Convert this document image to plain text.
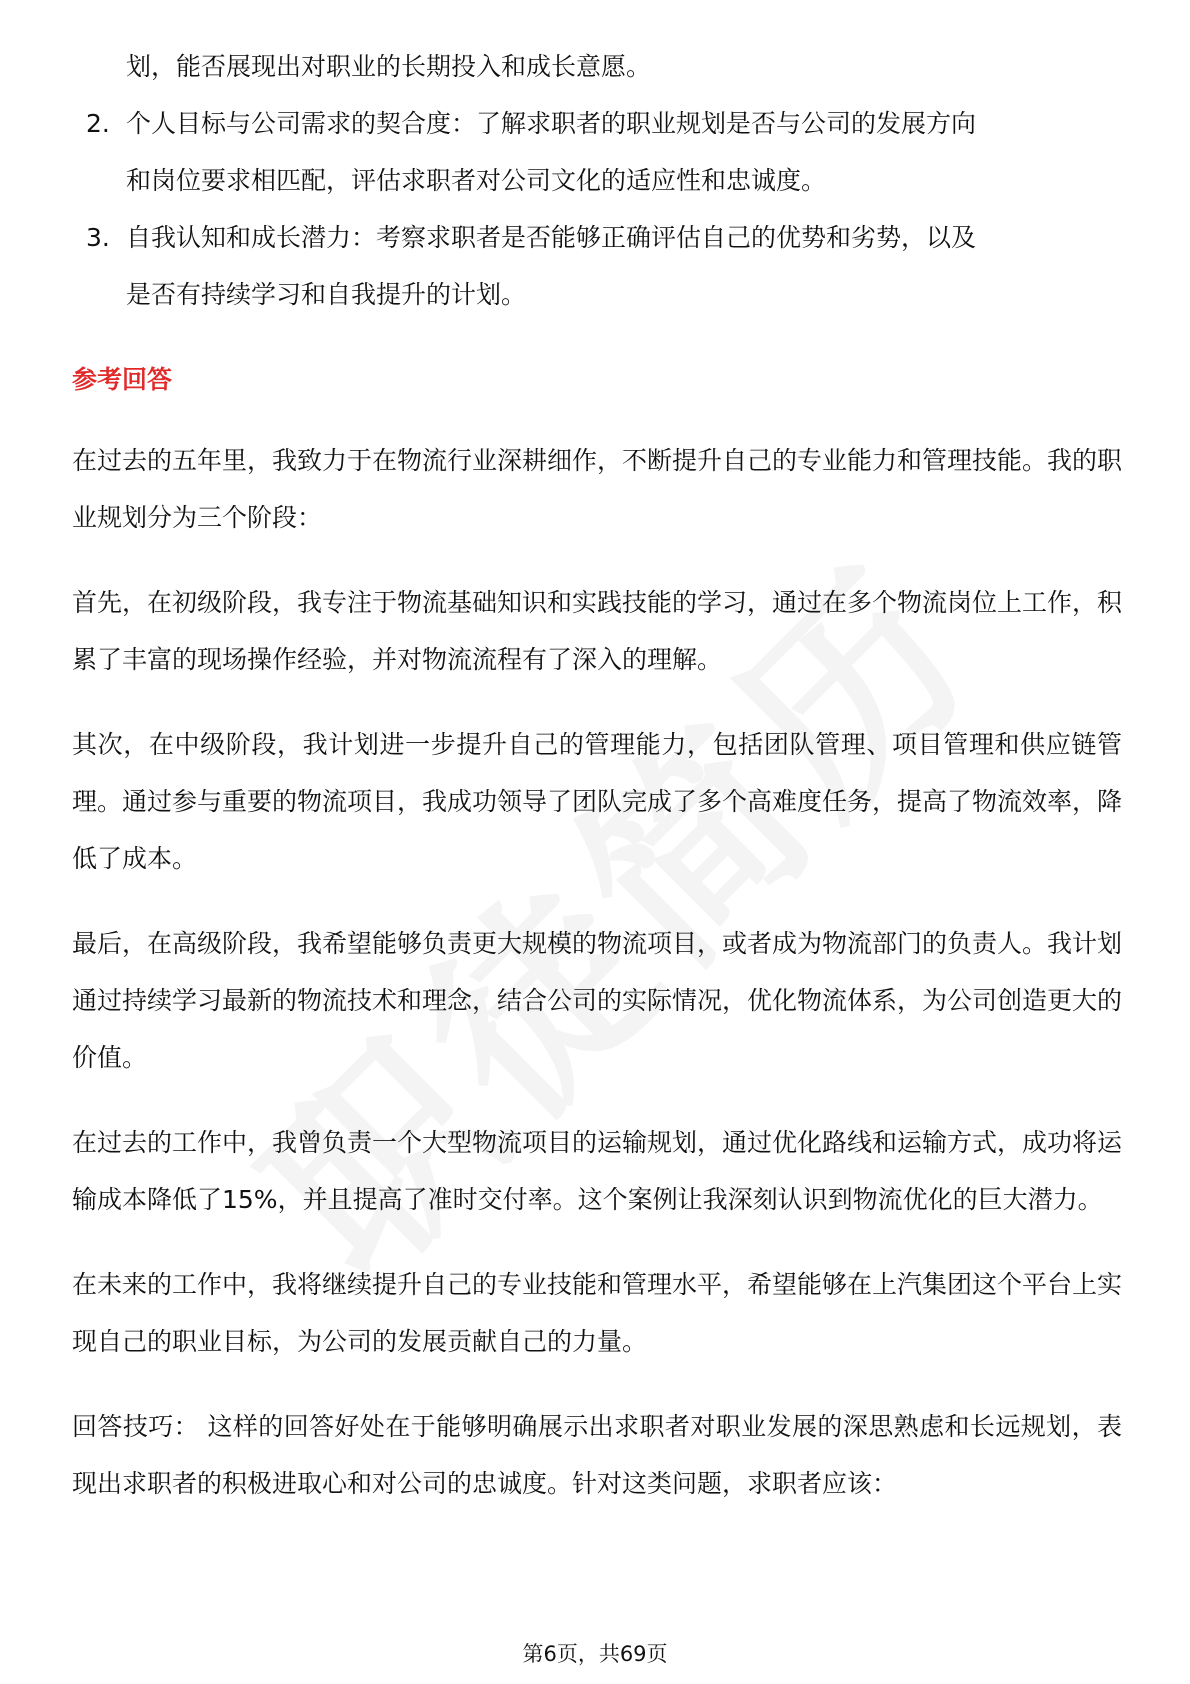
划，能否展现出对职业的长期投入和成长意愿。
2. 个人目标与公司需求的契合度：了解求职者的职业规划是否与公司的发展方向
和岗位要求相匹配，评估求职者对公司文化的适应性和忠诚度。
3. 自我认知和成长潜力：考察求职者是否能够正确评估自己的优势和劣势，以及
是否有持续学习和自我提升的计划。
参考回答

在过去的五年里，我致力于在物流行业深耕细作，不断提升自己的专业能力和管理技能。我的职业规划分为三个阶段：

首先，在初级阶段，我专注于物流基础知识和实践技能的学习，通过在多个物流岗位上工作，积累了丰富的现场操作经验，并对物流流程有了深入的理解。

其次，在中级阶段，我计划进一步提升自己的管理能力，包括团队管理、项目管理和供应链管理。通过参与重要的物流项目，我成功领导了团队完成了多个高难度任务，提高了物流效率，降低了成本。

最后，在高级阶段，我希望能够负责更大规模的物流项目，或者成为物流部门的负责人。我计划通过持续学习最新的物流技术和理念，结合公司的实际情况，优化物流体系，为公司创造更大的价值。

在过去的工作中，我曾负责一个大型物流项目的运输规划，通过优化路线和运输方式，成功将运输成本降低了15%，并且提高了准时交付率。这个案例让我深刻认识到物流优化的巨大潜力。

在未来的工作中，我将继续提升自己的专业技能和管理水平，希望能够在上汽集团这个平台上实现自己的职业目标，为公司的发展贡献自己的力量。

回答技巧： 这样的回答好处在于能够明确展示出求职者对职业发展的深思熟虑和长远规划，表现出求职者的积极进取心和对公司的忠诚度。针对这类问题，求职者应该：

第6页，共69页
